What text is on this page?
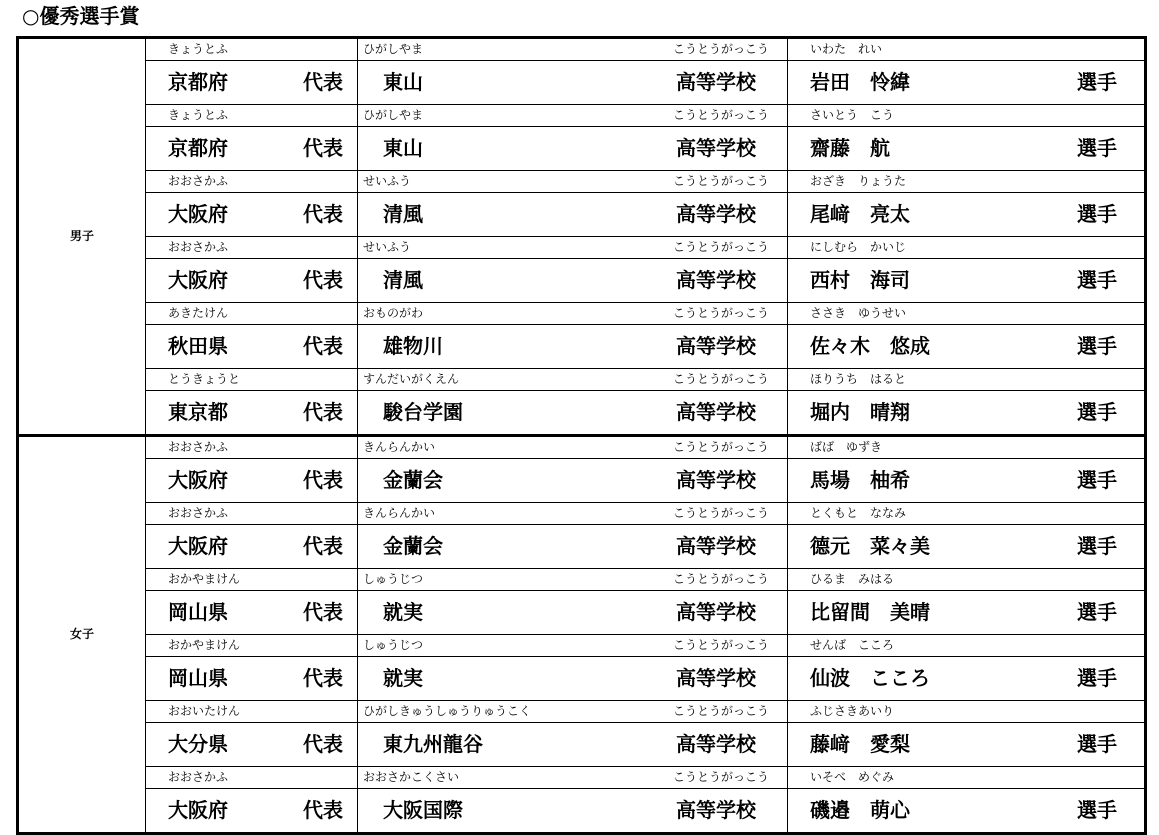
○優秀選手賞
男子	きょうとふ	ひがしやま こうとうがっこう	いわた　れい

	京都府 代表	東山 高等学校	岩田　怜緯 選手

	きょうとふ	ひがしやま こうとうがっこう	さいとう　こう

	京都府 代表	東山 高等学校	齋藤　航 選手

	おおさかふ	せいふう こうとうがっこう	おざき　りょうた

	大阪府 代表	清風 高等学校	尾﨑　亮太 選手

	おおさかふ	せいふう こうとうがっこう	にしむら　かいじ

	大阪府 代表	清風 高等学校	西村　海司 選手

	あきたけん	おものがわ こうとうがっこう	ささき　ゆうせい

	秋田県 代表	雄物川 高等学校	佐々木　悠成 選手

	とうきょうと	すんだいがくえん こうとうがっこう	ほりうち　はると

	東京都 代表	駿台学園 高等学校	堀内　晴翔 選手

女子	おおさかふ	きんらんかい こうとうがっこう	ばば　ゆずき

	大阪府 代表	金蘭会 高等学校	馬場　柚希 選手

	おおさかふ	きんらんかい こうとうがっこう	とくもと　ななみ

	大阪府 代表	金蘭会 高等学校	德元　菜々美 選手

	おかやまけん	しゅうじつ こうとうがっこう	ひるま　みはる

	岡山県 代表	就実 高等学校	比留間　美晴 選手

	おかやまけん	しゅうじつ こうとうがっこう	せんば　こころ

	岡山県 代表	就実 高等学校	仙波　こころ 選手

	おおいたけん	ひがしきゅうしゅうりゅうこく こうとうがっこう	ふじさきあいり

	大分県 代表	東九州龍谷 高等学校	藤﨑　愛梨 選手

	おおさかふ	おおさかこくさい こうとうがっこう	いそべ　めぐみ

	大阪府 代表	大阪国際 高等学校	磯邉　萌心 選手
